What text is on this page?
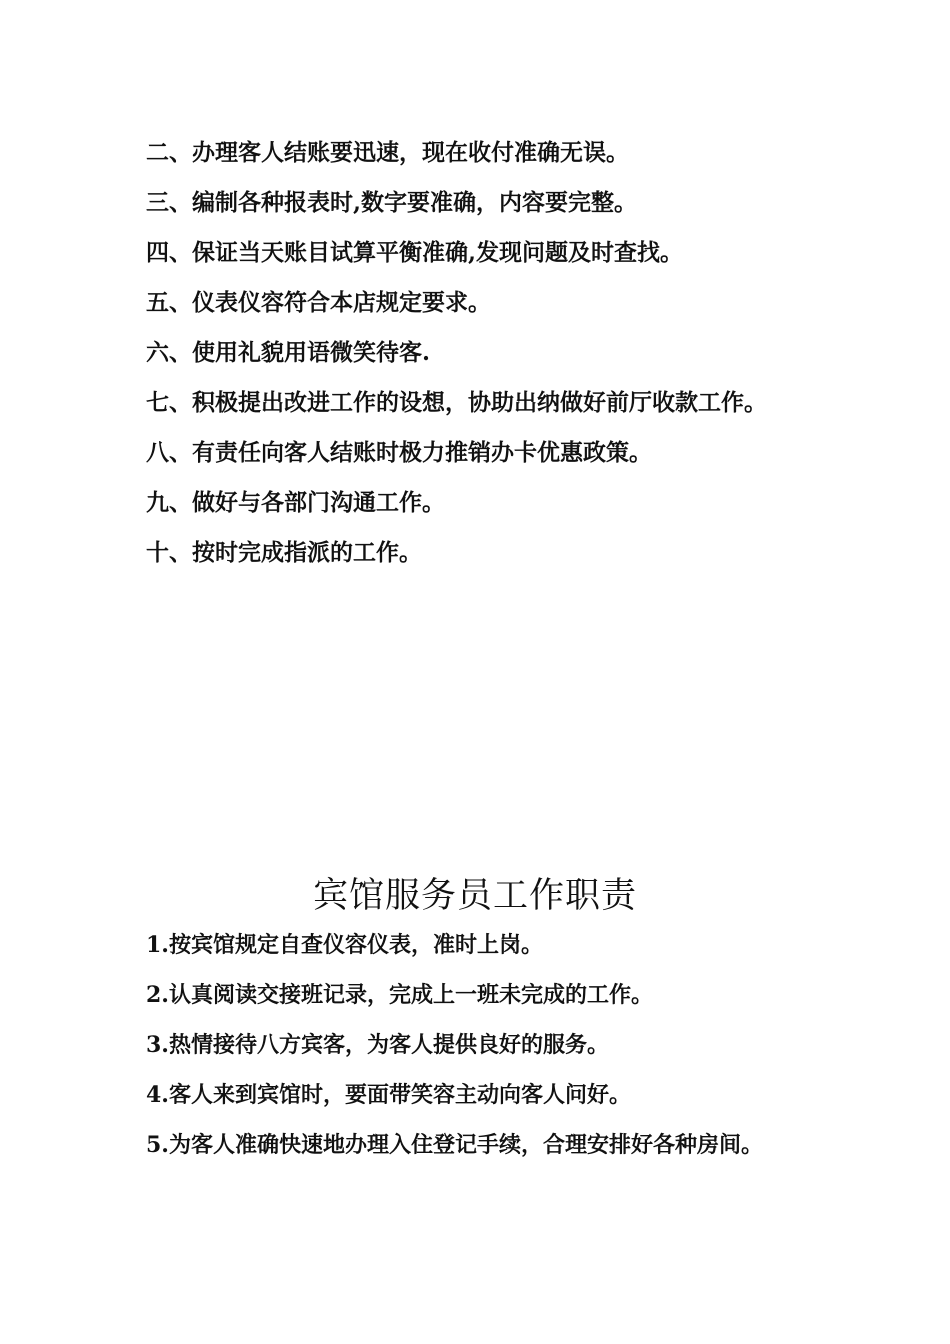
二、办理客人结账要迅速，现在收付准确无误。
三、编制各种报表时,数字要准确，内容要完整。
四、保证当天账目试算平衡准确,发现问题及时查找。
五、仪表仪容符合本店规定要求。
六、使用礼貌用语微笑待客.
七、积极提出改进工作的设想，协助出纳做好前厅收款工作。
八、有责任向客人结账时极力推销办卡优惠政策。
九、做好与各部门沟通工作。
十、按时完成指派的工作。
宾馆服务员工作职责
1.按宾馆规定自查仪容仪表，准时上岗。
2.认真阅读交接班记录，完成上一班未完成的工作。
3.热情接待八方宾客，为客人提供良好的服务。
4.客人来到宾馆时，要面带笑容主动向客人问好。
5.为客人准确快速地办理入住登记手续，合理安排好各种房间。
